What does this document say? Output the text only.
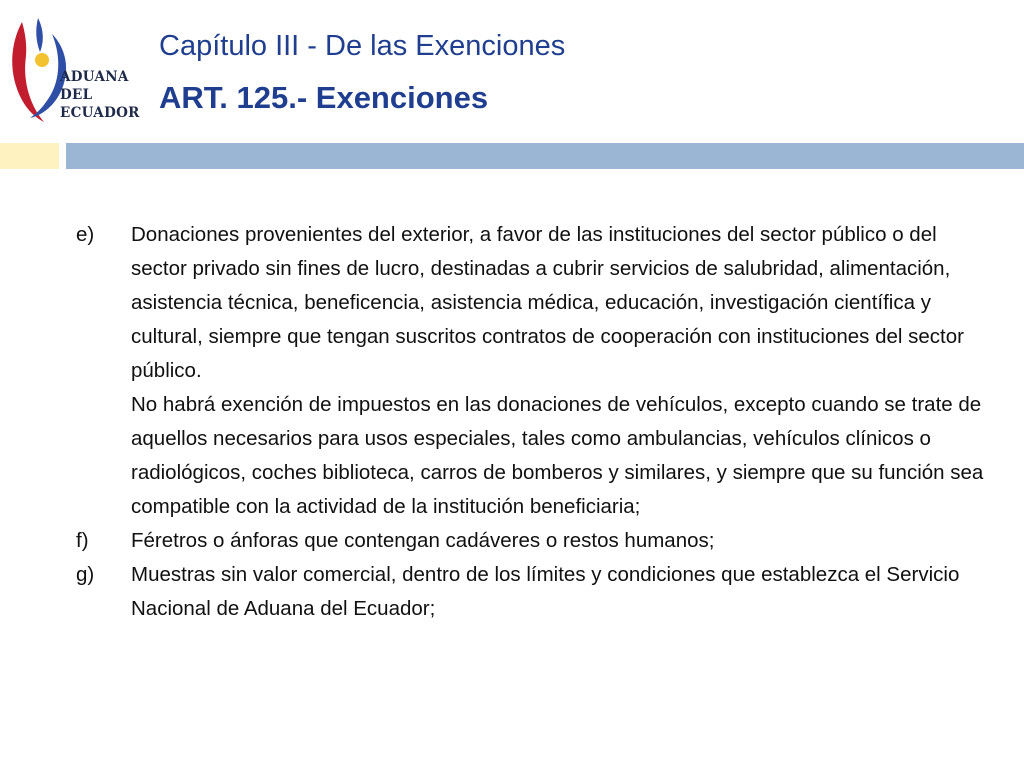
ADUANA
DEL
ECUADOR
Capítulo III - De las Exenciones
ART. 125.- Exenciones
e)	Donaciones provenientes del exterior, a favor de las instituciones del sector público o del sector privado sin fines de lucro, destinadas a cubrir servicios de salubridad, alimentación, asistencia técnica, beneficencia, asistencia médica, educación, investigación científica y cultural, siempre que tengan suscritos contratos de cooperación con instituciones del sector público.

No habrá exención de impuestos en las donaciones de vehículos, excepto cuando se trate de aquellos necesarios para usos especiales, tales como ambulancias, vehículos clínicos o radiológicos, coches biblioteca, carros de bomberos y similares, y siempre que su función sea compatible con la actividad de la institución beneficiaria;

f)	Féretros o ánforas que contengan cadáveres o restos humanos;

g)	Muestras sin valor comercial, dentro de los límites y condiciones que establezca el Servicio Nacional de Aduana del Ecuador;
